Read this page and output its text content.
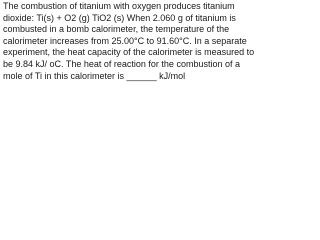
The combustion of titanium with oxygen produces titanium dioxide: Ti(s) + O2 (g) TiO2 (s) When 2.060 g of titanium is combusted in a bomb calorimeter, the temperature of the calorimeter increases from 25.00°C to 91.60°C. In a separate experiment, the heat capacity of the calorimeter is measured to be 9.84 kJ/ oC. The heat of reaction for the combustion of a mole of Ti in this calorimeter is ______ kJ/mol
